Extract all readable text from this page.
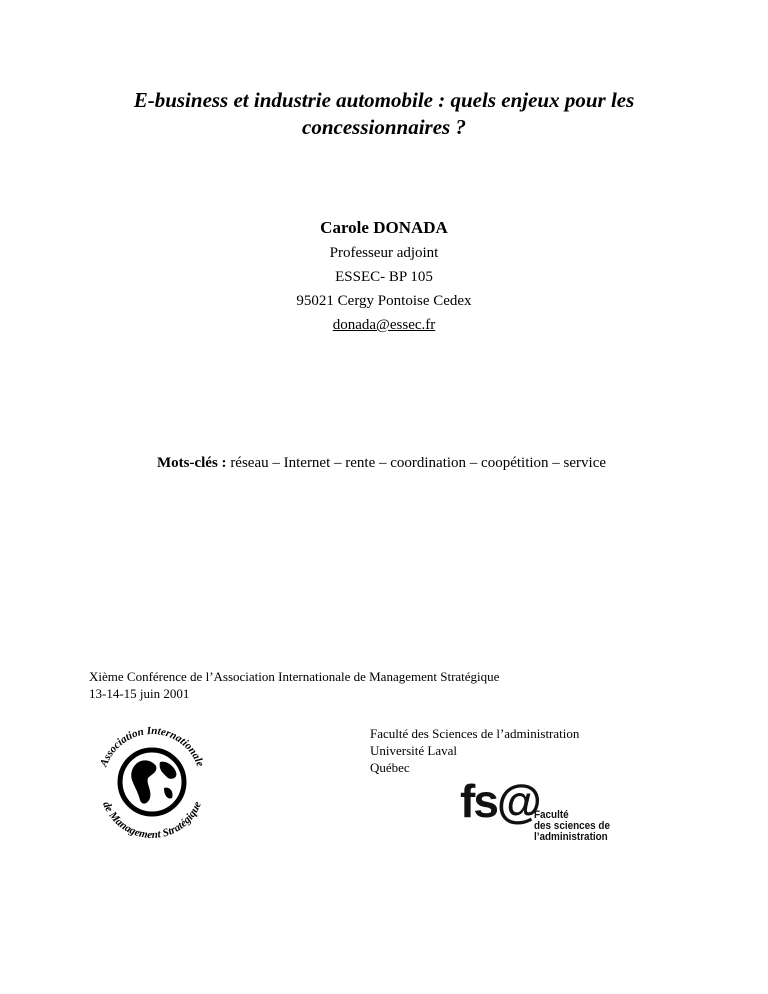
E-business et industrie automobile : quels enjeux pour les
concessionnaires ?
Carole DONADA
Professeur adjoint
ESSEC- BP 105
95021 Cergy Pontoise Cedex
donada@essec.fr
Mots-clés : réseau – Internet – rente – coordination – coopétition – service
Xième Conférence de l’Association Internationale de Management Stratégique
13-14-15 juin 2001
Faculté des Sciences de l’administration
Université Laval
Québec
Association Internationale
de Management Stratégique	fs@
Faculté
des sciences de
l’administration
